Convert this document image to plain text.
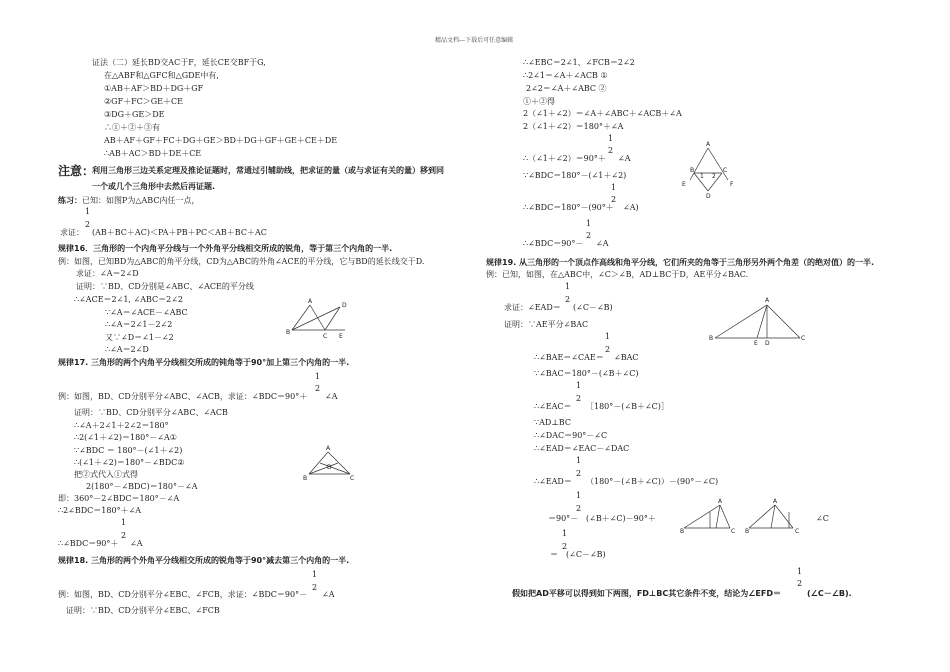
精品文档---下载后可任意编辑
证法（二）延长BD交AC于F，延长CE交BF于G,
在△ABF和△GFC和△GDE中有,
①AB＋AF＞BD＋DG＋GF
②GF＋FC＞GE＋CE
③DG＋GE＞DE
∴①＋②＋③有
AB＋AF＋GF＋FC＋DG＋GE＞BD＋DG＋GF＋GE＋CE＋DE
∴AB＋AC＞BD＋DE＋CE
注意：
利用三角形三边关系定理及推论证题时，常通过引辅助线，把求证的量（或与求证有关的量）移到同
一个或几个三角形中去然后再证题.
练习： 已知：如图P为△ABC内任一点，
1
2
求证： (AB＋BC＋AC)＜PA＋PB＋PC＜AB＋BC＋AC
规律16．三角形的一个内角平分线与一个外角平分线相交所成的锐角，等于第三个内角的一半.
例：如图，已知BD为△ABC的角平分线，CD为△ABC的外角∠ACE的平分线，它与BD的延长线交于D.
求证：∠A＝2∠D
证明：∵BD、CD分别是∠ABC、∠ACE的平分线
∴∠ACE＝2∠1, ∠ABC＝2∠2
∵∠A＝∠ACE－∠ABC
∴∠A＝2∠1－2∠2
又∵∠D＝∠1－∠2
∴∠A＝2∠D
A
B
C
D
E
规律17. 三角形的两个内角平分线相交所成的钝角等于90°加上第三个内角的一半.
1
2
例：如图，BD、CD分别平分∠ABC、∠ACB，求证：∠BDC＝90°＋ ∠A
证明：∵BD、CD分别平分∠ABC、∠ACB
∴∠A＋2∠1＋2∠2＝180°
∴2(∠1＋∠2)＝180°－∠A①
∵∠BDC ＝ 180°－(∠1＋∠2)
∴(∠1＋∠2)＝180°－∠BDC②
把②式代入①式得
2(180°－∠BDC)＝180°－∠A
即：360°－2∠BDC＝180°－∠A
∴2∠BDC＝180°＋∠A
1
2
∴∠BDC＝90°＋ ∠A
A
B	C
D
规律18. 三角形的两个外角平分线相交所成的锐角等于90°减去第三个内角的一半.
1
2
例：如图，BD、CD分别平分∠EBC、∠FCB，求证：∠BDC＝90°－ ∠A
证明：∵BD、CD分别平分∠EBC、∠FCB
∴∠EBC＝2∠1、∠FCB＝2∠2
∴2∠1＝∠A＋∠ACB ①
2∠2＝∠A＋∠ABC ②
①＋②得
2（∠1＋∠2）＝∠A＋∠ABC＋∠ACB＋∠A
2（∠1＋∠2）＝180°＋∠A
1
2
∴（∠1＋∠2）＝90°＋ ∠A
∵∠BDC＝180°－(∠1＋∠2)
1
2
∴∠BDC＝180°－(90°＋ ∠A)
1
2
∴∠BDC＝90°－ ∠A
A
E
B	C
F
1 2
D
规律19. 从三角形的一个顶点作高线和角平分线，它们所夹的角等于三角形另外两个角差（的绝对值）的一半.
例：已知，如图，在△ABC中，∠C＞∠B，AD⊥BC于D，AE平分∠BAC.
1
2
求证：∠EAD＝ (∠C－∠B)
证明：∵AE平分∠BAC
1
2
∴∠BAE＝∠CAE＝ ∠BAC
∵∠BAC＝180°－(∠B＋∠C)
1
2
∴∠EAC＝ ［180°－(∠B＋∠C)］
∵AD⊥BC
∴∠DAC＝90°－∠C
∴∠EAD＝∠EAC－∠DAC
1
2
∴∠EAD＝ （180°－(∠B＋∠C)）－(90°－∠C)
1
2
＝90°－ (∠B＋∠C)－90°＋	∠C
1
2
＝ (∠C－∠B)
A
B
E D
C
B	C
A
B	C
A
1
2
假如把AD平移可以得到如下两图，FD⊥BC其它条件不变，结论为∠EFD＝	(∠C－∠B).
